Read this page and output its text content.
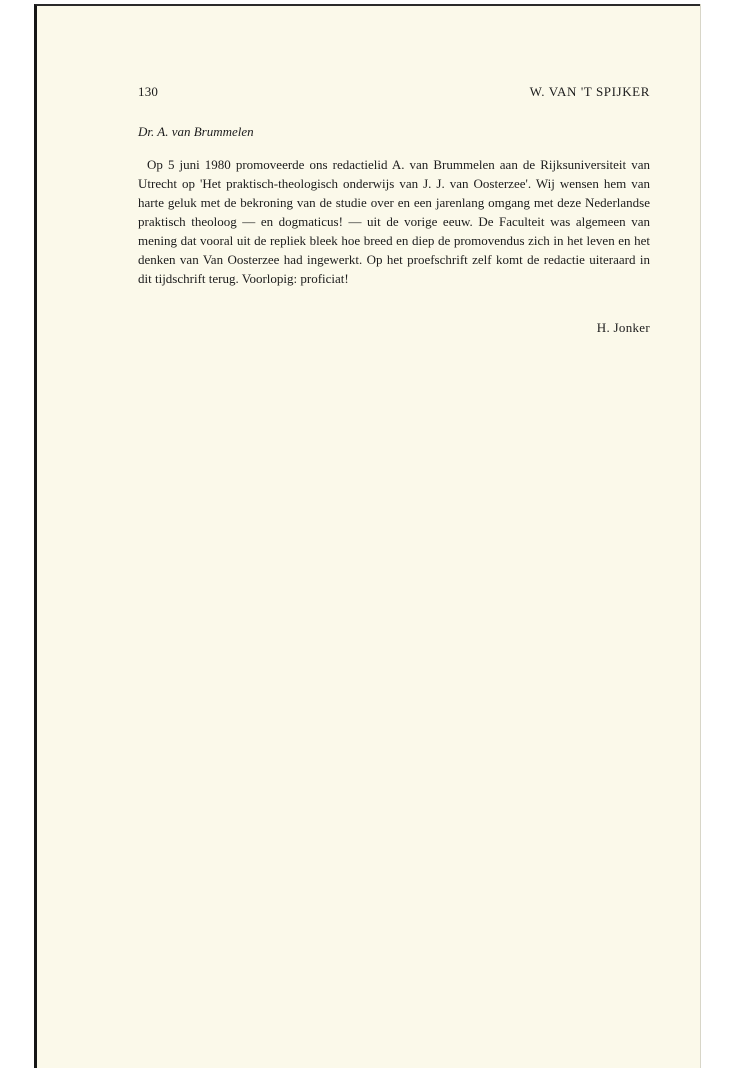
130	W. VAN 'T SPIJKER
Dr. A. van Brummelen

Op 5 juni 1980 promoveerde ons redactielid A. van Brummelen aan de Rijksuniversiteit van Utrecht op 'Het praktisch-theologisch onderwijs van J. J. van Oosterzee'. Wij wensen hem van harte geluk met de bekroning van de studie over en een jarenlang omgang met deze Nederlandse praktisch theoloog — en dogmaticus! — uit de vorige eeuw. De Faculteit was algemeen van mening dat vooral uit de repliek bleek hoe breed en diep de promovendus zich in het leven en het denken van Van Oosterzee had ingewerkt. Op het proefschrift zelf komt de redactie uiteraard in dit tijdschrift terug. Voorlopig: proficiat!

H. Jonker
